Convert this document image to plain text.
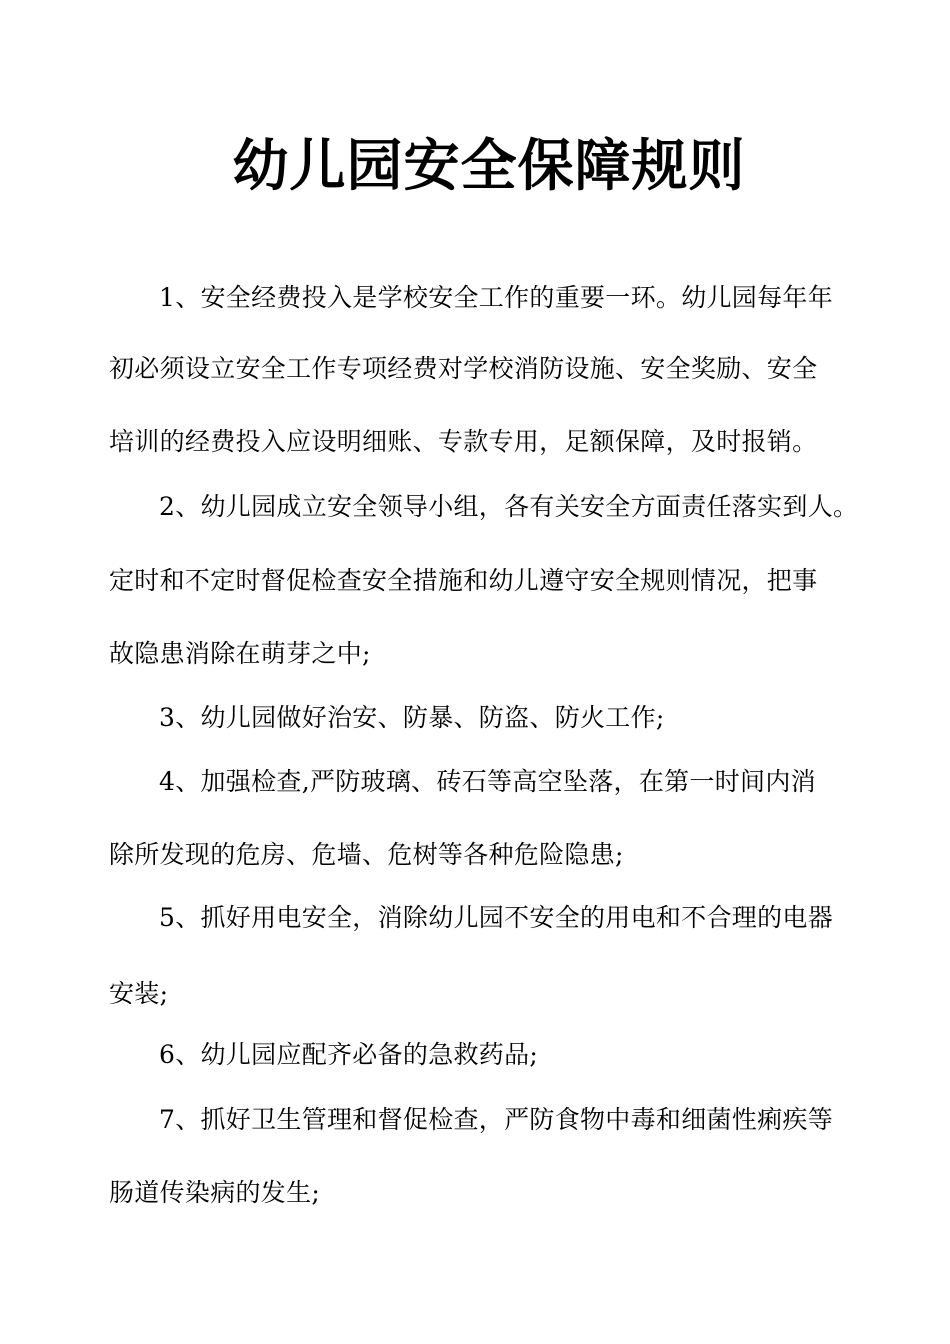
幼儿园安全保障规则
1、安全经费投入是学校安全工作的重要一环。幼儿园每年年
初必须设立安全工作专项经费对学校消防设施、安全奖励、安全
培训的经费投入应设明细账、专款专用，足额保障，及时报销。
2、幼儿园成立安全领导小组，各有关安全方面责任落实到人。
定时和不定时督促检查安全措施和幼儿遵守安全规则情况，把事
故隐患消除在萌芽之中;
3、幼儿园做好治安、防暴、防盗、防火工作;
4、加强检查,严防玻璃、砖石等高空坠落，在第一时间内消
除所发现的危房、危墙、危树等各种危险隐患;
5、抓好用电安全，消除幼儿园不安全的用电和不合理的电器
安装;
6、幼儿园应配齐必备的急救药品;
7、抓好卫生管理和督促检查，严防食物中毒和细菌性痢疾等
肠道传染病的发生;
